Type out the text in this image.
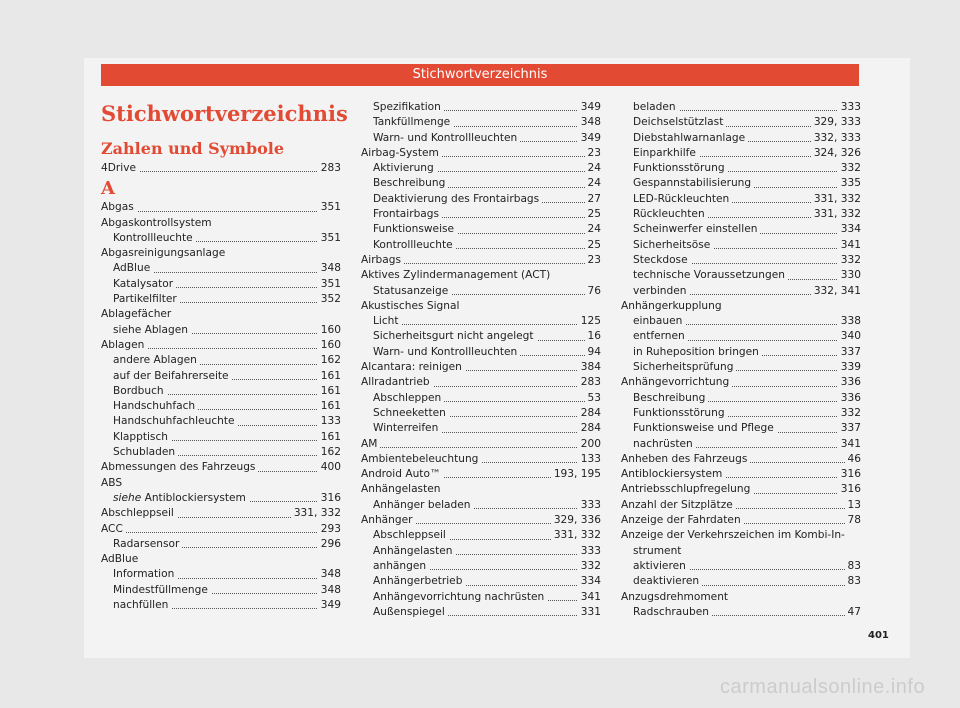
Stichwortverzeichnis
Stichwortverzeichnis
Zahlen und Symbole
4Drive	283
A
Abgas	351
Abgaskontrollsystem
Kontrollleuchte	351
Abgasreinigungsanlage
AdBlue	348
Katalysator	351
Partikelfilter	352
Ablagefächer
siehe Ablagen	160
Ablagen	160
andere Ablagen	162
auf der Beifahrerseite	161
Bordbuch	161
Handschuhfach	161
Handschuhfachleuchte	133
Klapptisch	161
Schubladen	162
Abmessungen des Fahrzeugs	400
ABS
siehe Antiblockiersystem	316
Abschleppseil	331, 332
ACC	293
Radarsensor	296
AdBlue
Information	348
Mindestfüllmenge	348
nachfüllen	349
Spezifikation	349
Tankfüllmenge	348
Warn- und Kontrollleuchten	349
Airbag-System	23
Aktivierung	24
Beschreibung	24
Deaktivierung des Frontairbags	27
Frontairbags	25
Funktionsweise	24
Kontrollleuchte	25
Airbags	23
Aktives Zylindermanagement (ACT)
Statusanzeige	76
Akustisches Signal
Licht	125
Sicherheitsgurt nicht angelegt	16
Warn- und Kontrollleuchten	94
Alcantara: reinigen	384
Allradantrieb	283
Abschleppen	53
Schneeketten	284
Winterreifen	284
AM	200
Ambientebeleuchtung	133
Android Auto™	193, 195
Anhängelasten
Anhänger beladen	333
Anhänger	329, 336
Abschleppseil	331, 332
Anhängelasten	333
anhängen	332
Anhängerbetrieb	334
Anhängevorrichtung nachrüsten	341
Außenspiegel	331
beladen	333
Deichselstützlast	329, 333
Diebstahlwarnanlage	332, 333
Einparkhilfe	324, 326
Funktionsstörung	332
Gespannstabilisierung	335
LED-Rückleuchten	331, 332
Rückleuchten	331, 332
Scheinwerfer einstellen	334
Sicherheitsöse	341
Steckdose	332
technische Voraussetzungen	330
verbinden	332, 341
Anhängerkupplung
einbauen	338
entfernen	340
in Ruheposition bringen	337
Sicherheitsprüfung	339
Anhängevorrichtung	336
Beschreibung	336
Funktionsstörung	332
Funktionsweise und Pflege	337
nachrüsten	341
Anheben des Fahrzeugs	46
Antiblockiersystem	316
Antriebsschlupfregelung	316
Anzahl der Sitzplätze	13
Anzeige der Fahrdaten	78
Anzeige der Verkehrszeichen im Kombi-In-
strument
aktivieren	83
deaktivieren	83
Anzugsdrehmoment
Radschrauben	47
401
carmanualsonline.info
